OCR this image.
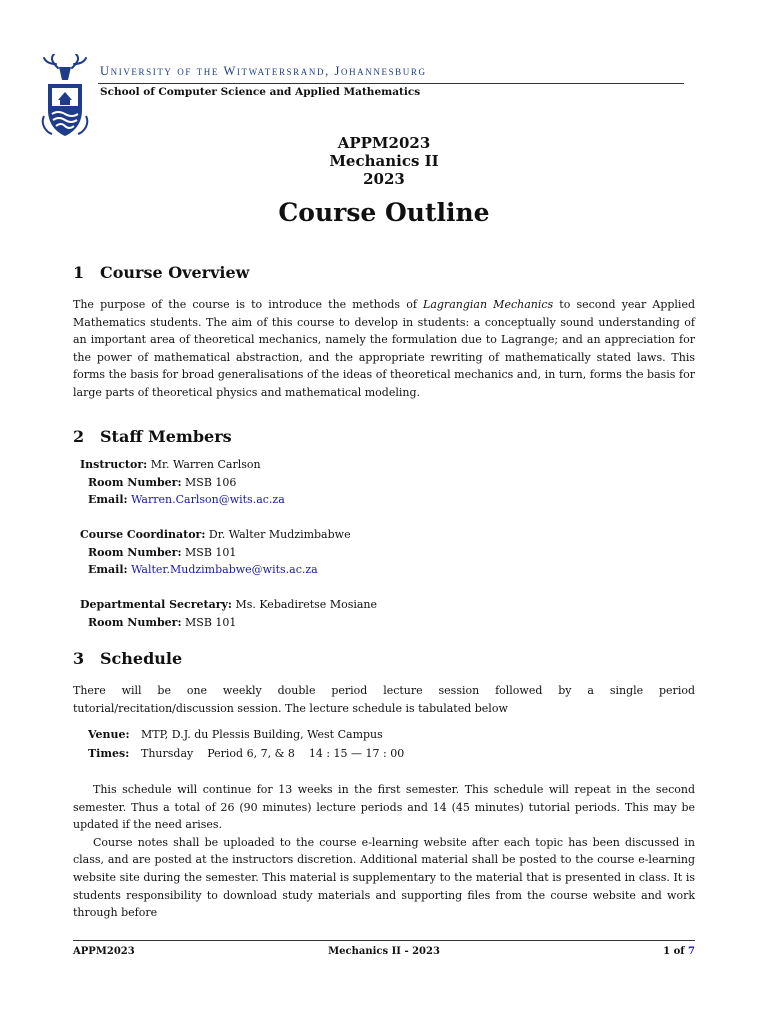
University of the Witwatersrand, Johannesburg
School of Computer Science and Applied Mathematics
APPM2023
Mechanics II
2023
Course Outline
1 Course Overview

The purpose of the course is to introduce the methods of Lagrangian Mechanics to second year Applied Mathematics students. The aim of this course to develop in students: a conceptually sound understanding of an important area of theoretical mechanics, namely the formulation due to Lagrange; and an appreciation for the power of mathematical abstraction, and the appropriate rewriting of mathematically stated laws. This forms the basis for broad generalisations of the ideas of theoretical mechanics and, in turn, forms the basis for large parts of theoretical physics and mathematical modeling.

2 Staff Members
Instructor: Mr. Warren Carlson
Room Number: MSB 106
Email: Warren.Carlson@wits.ac.za
Course Coordinator: Dr. Walter Mudzimbabwe
Room Number: MSB 101
Email: Walter.Mudzimbabwe@wits.ac.za
Departmental Secretary: Ms. Kebadiretse Mosiane
Room Number: MSB 101
3 Schedule

There will be one weekly double period lecture session followed by a single period tutorial/recitation/discussion session. The lecture schedule is tabulated below

Venue: MTP, D.J. du Plessis Building, West Campus
Times: Thursday Period 6, 7, & 8 14 : 15 — 17 : 00

This schedule will continue for 13 weeks in the first semester. This schedule will repeat in the second semester. Thus a total of 26 (90 minutes) lecture periods and 14 (45 minutes) tutorial periods. This may be updated if the need arises.

Course notes shall be uploaded to the course e-learning website after each topic has been discussed in class, and are posted at the instructors discretion. Additional material shall be posted to the course e-learning website site during the semester. This material is supplementary to the material that is presented in class. It is students responsibility to download study materials and supporting files from the course website and work through before

APPM2023	Mechanics II - 2023	1 of 7
